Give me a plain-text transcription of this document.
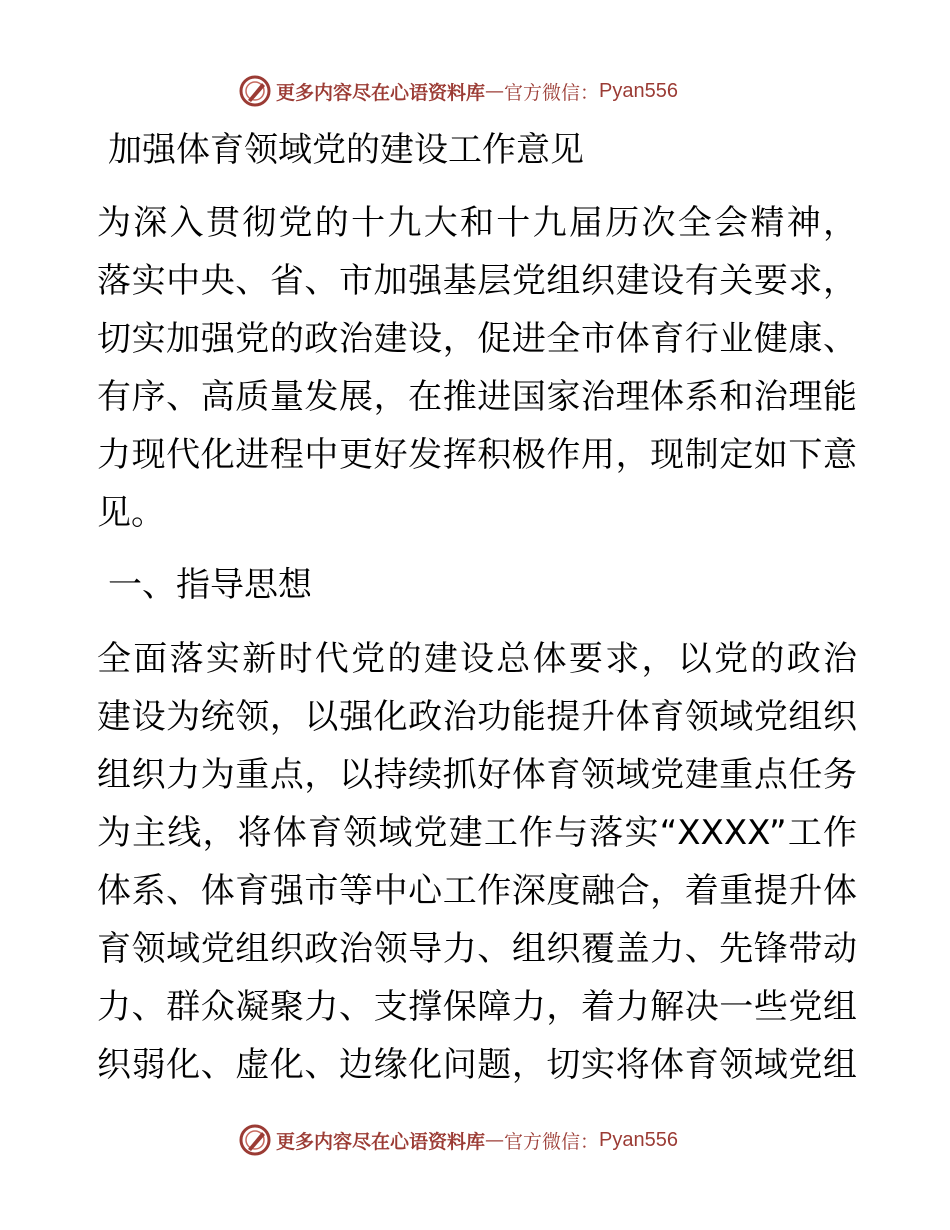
更多内容尽在心语资料库 — 官方微信： Pyan556
加强体育领域党的建设工作意见
为深入贯彻党的十九大和十九届历次全会精神，
落实中央、省、市加强基层党组织建设有关要求，
切实加强党的政治建设，促进全市体育行业健康、
有序、高质量发展，在推进国家治理体系和治理能
力现代化进程中更好发挥积极作用，现制定如下意
见。
一、指导思想
全面落实新时代党的建设总体要求，以党的政治
建设为统领，以强化政治功能提升体育领域党组织
组织力为重点，以持续抓好体育领域党建重点任务
为主线，将体育领域党建工作与落实“XXXX”工作
体系、体育强市等中心工作深度融合，着重提升体
育领域党组织政治领导力、组织覆盖力、先锋带动
力、群众凝聚力、支撑保障力，着力解决一些党组
织弱化、虚化、边缘化问题，切实将体育领域党组
更多内容尽在心语资料库 — 官方微信： Pyan556
